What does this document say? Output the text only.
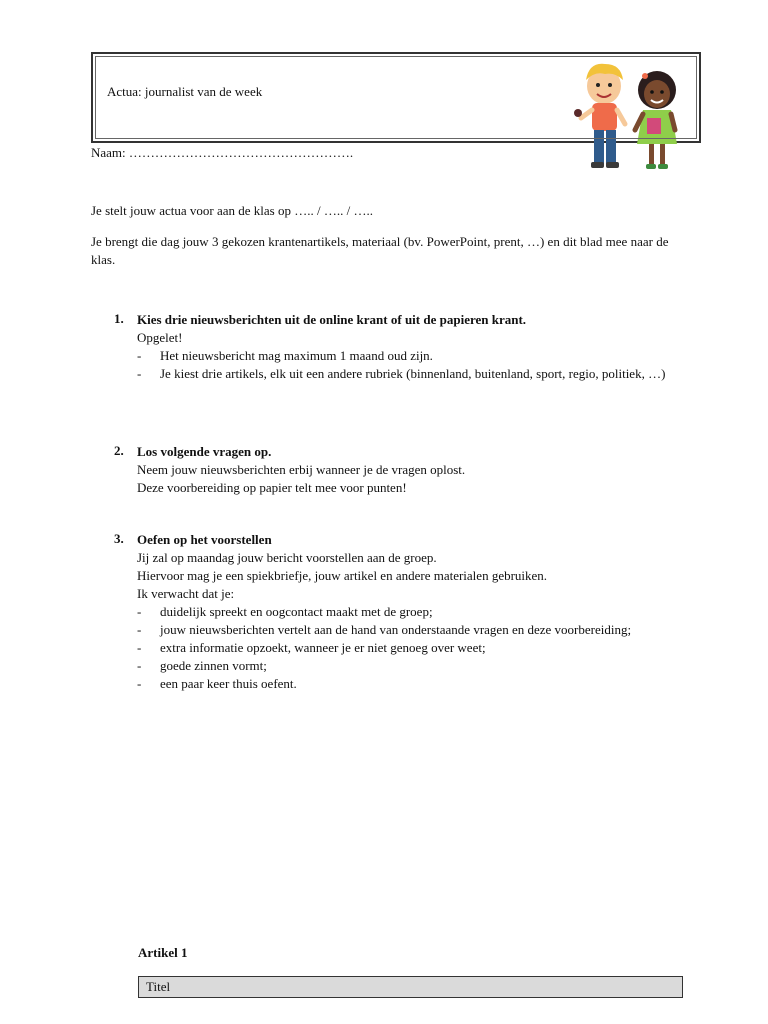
Actua: journalist van de week
Naam: …………………………………………….
Je stelt jouw actua voor aan de klas op ….. / ….. / …..
Je brengt die dag jouw 3 gekozen krantenartikels, materiaal (bv. PowerPoint, prent, …) en dit blad mee naar de klas.
1. Kies drie nieuwsberichten uit de online krant of uit de papieren krant.
Opgelet!
-	Het nieuwsbericht mag maximum 1 maand oud zijn.
-	Je kiest drie artikels, elk uit een andere rubriek (binnenland, buitenland, sport, regio, politiek, …)
2. Los volgende vragen op.
Neem jouw nieuwsberichten erbij wanneer je de vragen oplost.
Deze voorbereiding op papier telt mee voor punten!
3. Oefen op het voorstellen
Jij zal op maandag jouw bericht voorstellen aan de groep.
Hiervoor mag je een spiekbriefje, jouw artikel en andere materialen gebruiken.
Ik verwacht dat je:
-	duidelijk spreekt en oogcontact maakt met de groep;
-	jouw nieuwsberichten vertelt aan de hand van onderstaande vragen en deze voorbereiding;
-	extra informatie opzoekt, wanneer je er niet genoeg over weet;
-	goede zinnen vormt;
-	een paar keer thuis oefent.
Artikel 1
Titel
